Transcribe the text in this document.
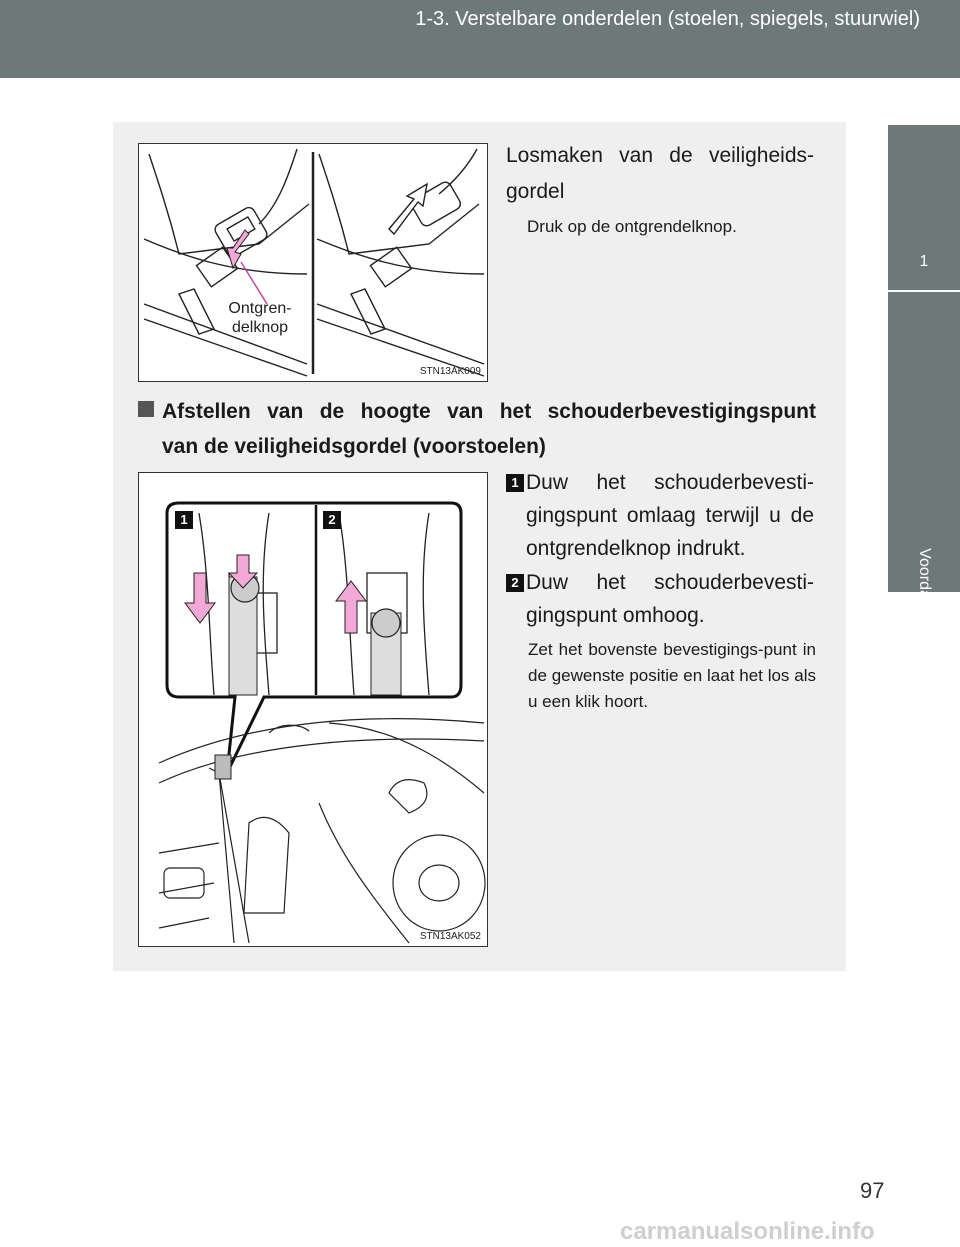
1-3. Verstelbare onderdelen (stoelen, spiegels, stuurwiel)
1
Voordat u gaat rijden
Ontgren-
delknop
STN13AK009
Losmaken van de veiligheids-gordel
Druk op de ontgrendelknop.
Afstellen van de hoogte van het schouderbevestigingspunt
van de veiligheidsgordel (voorstoelen)
1	2
STN13AK052
1 Duw het schouderbevesti-gingspunt omlaag terwijl u de ontgrendelknop indrukt.
2 Duw het schouderbevesti-gingspunt omhoog.
Zet het bovenste bevestigings-punt in de gewenste positie en laat het los als u een klik hoort.
97
carmanualsonline.info
